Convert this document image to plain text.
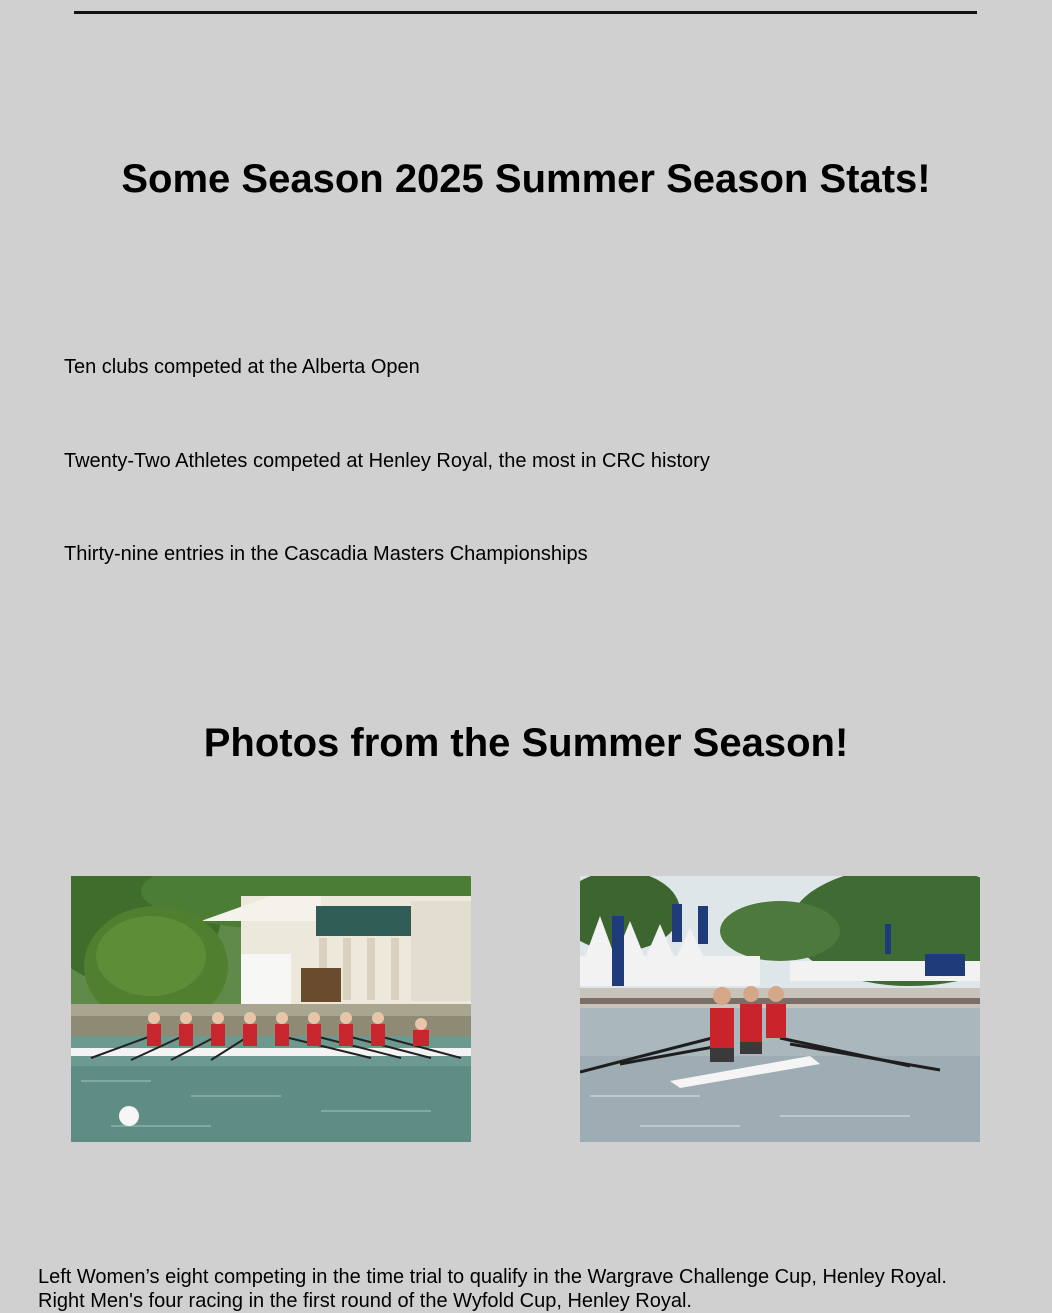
Some Season 2025 Summer Season Stats!

Ten clubs competed at the Alberta Open

Twenty-Two Athletes competed at Henley Royal, the most in CRC history

Thirty-nine entries in the Cascadia Masters Championships

Photos from the Summer Season!

Left Women’s eight competing in the time trial to qualify in the Wargrave Challenge Cup, Henley Royal.
Right Men's four racing in the first round of the Wyfold Cup, Henley Royal.
